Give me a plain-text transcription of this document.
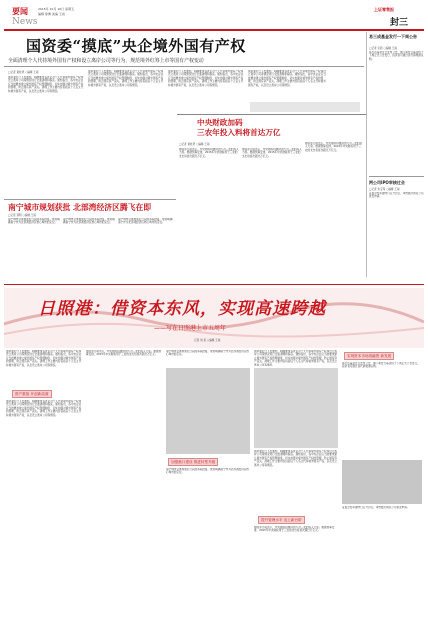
要闻	2015年 10月 16日 星期五
编辑 徐佩 美编 王雨
News
上证零售报
封三
易三成基金发行一下周公告
□记者 宋毅 ○编辑 王雨
易方达基金近日发布公告，旗下新发行基金将于下周正式公告发行，投资者可通过各代销渠道认购。
两公司IPO审核过会
□记者 朱宝琛 ○编辑 王雨
证监会发审委昨日召开会议，审核通过两家公司首发申请。
国资委“摸底”央企境外国有产权
全面清理个人代持境外国有产权和设立离岸公司等行为，规范境外红筹上市等国有产权变动
□记者 黄桂贤 ○编辑 王雨
国资委近日下发通知，明确要求各央企对个人代持境外国有产权和设立离岸公司等情况进行全面清理和摸底。通知指出，各中央企业应当按要求建立境外国有产权管理制度，切实加强对境外国有产权的管理，防止国有资产流失。清理工作主要内容包括以个人名义代持境外国有产权，以及设立离岸公司等情况。
国资委近日下发通知，明确要求各央企对个人代持境外国有产权和设立离岸公司等情况进行全面清理和摸底。通知指出，各中央企业应当按要求建立境外国有产权管理制度，切实加强对境外国有产权的管理，防止国有资产流失。清理工作主要内容包括以个人名义代持境外国有产权，以及设立离岸公司等情况。
国资委近日下发通知，明确要求各央企对个人代持境外国有产权和设立离岸公司等情况进行全面清理和摸底。通知指出，各中央企业应当按要求建立境外国有产权管理制度，切实加强对境外国有产权的管理，防止国有资产流失。清理工作主要内容包括以个人名义代持境外国有产权，以及设立离岸公司等情况。
国资委近日下发通知，明确要求各央企对个人代持境外国有产权和设立离岸公司等情况进行全面清理和摸底。通知指出，各中央企业应当按要求建立境外国有产权管理制度，切实加强对境外国有产权的管理，防止国有资产流失。清理工作主要内容包括以个人名义代持境外国有产权，以及设立离岸公司等情况。
中央财政加码
三农年投入料将首达万亿
□记者 黄桂贤 ○编辑 王雨
财政部日前表示，中央财政将继续加大对三农的投入力度。根据预算安排，2015年中央财政用于三农的支出将首次超过万亿元。
财政部日前表示，中央财政将继续加大对三农的投入力度。根据预算安排，2015年中央财政用于三农的支出将首次超过万亿元。
财政部日前表示，中央财政将继续加大对三农的投入力度。根据预算安排，2015年中央财政用于三农的支出将首次超过万亿元。
南宁城市规划获批 北部湾经济区腾飞在即
□记者 蔡明 ○编辑 王雨
南宁城市总体规划近日获国务院批复。规划明确南宁作为北部湾经济区核心城市的定位。
南宁城市总体规划近日获国务院批复。规划明确南宁作为北部湾经济区核心城市的定位。
南宁城市总体规划近日获国务院批复。规划明确南宁作为北部湾经济区核心城市的定位。
日照港：借资本东风，实现高速跨越
——写在日照港上市五周年
记者 刘 某 ○编辑 王雨
国资委近日下发通知，明确要求各央企对个人代持境外国有产权和设立离岸公司等情况进行全面清理和摸底。通知指出，各中央企业应当按要求建立境外国有产权管理制度，切实加强对境外国有产权的管理，防止国有资产流失。清理工作主要内容包括以个人名义代持境外国有产权，以及设立离岸公司等情况。
资产重组 开创新局面
国资委近日下发通知，明确要求各央企对个人代持境外国有产权和设立离岸公司等情况进行全面清理和摸底。通知指出，各中央企业应当按要求建立境外国有产权管理制度，切实加强对境外国有产权的管理，防止国有资产流失。清理工作主要内容包括以个人名义代持境外国有产权，以及设立离岸公司等情况。
财政部日前表示，中央财政将继续加大对三农的投入力度。根据预算安排，2015年中央财政用于三农的支出将首次超过万亿元。
南宁城市总体规划近日获国务院批复。规划明确南宁作为北部湾经济区核心城市的定位。
加强港口建设 推进转型升级
南宁城市总体规划近日获国务院批复。规划明确南宁作为北部湾经济区核心城市的定位。
国资委近日下发通知，明确要求各央企对个人代持境外国有产权和设立离岸公司等情况进行全面清理和摸底。通知指出，各中央企业应当按要求建立境外国有产权管理制度，切实加强对境外国有产权的管理，防止国有资产流失。清理工作主要内容包括以个人名义代持境外国有产权，以及设立离岸公司等情况。
国资委近日下发通知，明确要求各央企对个人代持境外国有产权和设立离岸公司等情况进行全面清理和摸底。通知指出，各中央企业应当按要求建立境外国有产权管理制度，切实加强对境外国有产权的管理，防止国有资产流失。清理工作主要内容包括以个人名义代持境外国有产权，以及设立离岸公司等情况。
提升管理水平 迈上新台阶
财政部日前表示，中央财政将继续加大对三农的投入力度。根据预算安排，2015年中央财政用于三农的支出将首次超过万亿元。
实现资本市场再融资 新发展
易方达基金近日发布公告，旗下新发行基金将于下周正式公告发行，投资者可通过各代销渠道认购。
证监会发审委昨日召开会议，审核通过两家公司首发申请。
